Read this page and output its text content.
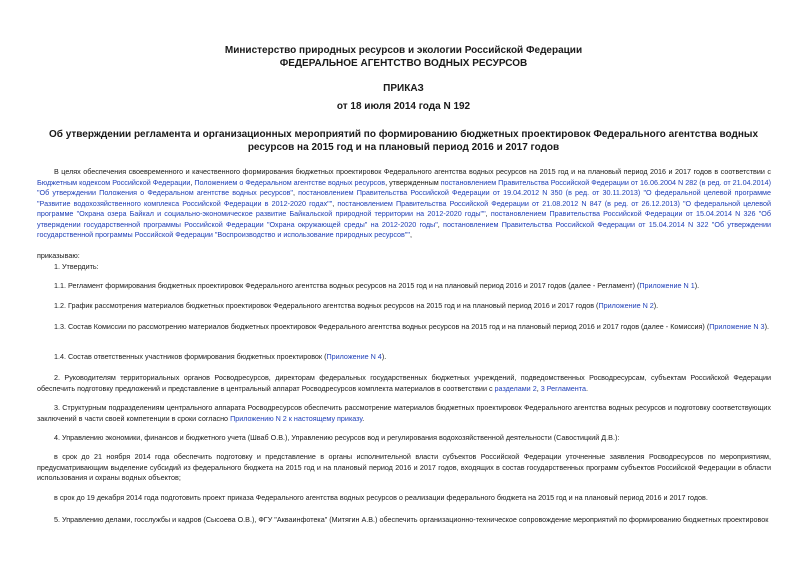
Министерство природных ресурсов и экологии Российской Федерации
ФЕДЕРАЛЬНОЕ АГЕНТСТВО ВОДНЫХ РЕСУРСОВ
ПРИКАЗ
от 18 июля 2014 года N 192
Об утверждении регламента и организационных мероприятий по формированию бюджетных проектировок Федерального агентства водных ресурсов на 2015 год и на плановый период 2016 и 2017 годов

В целях обеспечения своевременного и качественного формирования бюджетных проектировок Федерального агентства водных ресурсов на 2015 год и на плановый период 2016 и 2017 годов в соответствии с Бюджетным кодексом Российской Федерации, Положением о Федеральном агентстве водных ресурсов, утвержденным постановлением Правительства Российской Федерации от 16.06.2004 N 282 (в ред. от 21.04.2014) "Об утверждении Положения о Федеральном агентстве водных ресурсов", постановлением Правительства Российской Федерации от 19.04.2012 N 350 (в ред. от 30.11.2013) "О федеральной целевой программе "Развитие водохозяйственного комплекса Российской Федерации в 2012-2020 годах"", постановлением Правительства Российской Федерации от 21.08.2012 N 847 (в ред. от 26.12.2013) "О федеральной целевой программе "Охрана озера Байкал и социально-экономическое развитие Байкальской природной территории на 2012-2020 годы"", постановлением Правительства Российской Федерации от 15.04.2014 N 326 "Об утверждении государственной программы Российской Федерации "Охрана окружающей среды" на 2012-2020 годы", постановлением Правительства Российской Федерации от 15.04.2014 N 322 "Об утверждении государственной программы Российской Федерации "Воспроизводство и использование природных ресурсов"",

приказываю:

1. Утвердить:

1.1. Регламент формирования бюджетных проектировок Федерального агентства водных ресурсов на 2015 год и на плановый период 2016 и 2017 годов (далее - Регламент) (Приложение N 1).

1.2. График рассмотрения материалов бюджетных проектировок Федерального агентства водных ресурсов на 2015 год и на плановый период 2016 и 2017 годов (Приложение N 2).

1.3. Состав Комиссии по рассмотрению материалов бюджетных проектировок Федерального агентства водных ресурсов на 2015 год и на плановый период 2016 и 2017 годов (далее - Комиссия) (Приложение N 3).

1.4. Состав ответственных участников формирования бюджетных проектировок (Приложение N 4).

2. Руководителям территориальных органов Росводресурсов, директорам федеральных государственных бюджетных учреждений, подведомственных Росводресурсам, субъектам Российской Федерации обеспечить подготовку предложений и представление в центральный аппарат Росводресурсов комплекта материалов в соответствии с разделами 2, 3 Регламента.

3. Структурным подразделениям центрального аппарата Росводресурсов обеспечить рассмотрение материалов бюджетных проектировок Федерального агентства водных ресурсов и подготовку соответствующих заключений в части своей компетенции в сроки согласно Приложению N 2 к настоящему приказу.

4. Управлению экономики, финансов и бюджетного учета (Шваб О.В.), Управлению ресурсов вод и регулирования водохозяйственной деятельности (Савостицкий Д.В.):

в срок до 21 ноября 2014 года обеспечить подготовку и представление в органы исполнительной власти субъектов Российской Федерации уточненные заявления Росводресурсов по мероприятиям, предусматривающим выделение субсидий из федерального бюджета на 2015 год и на плановый период 2016 и 2017 годов, входящих в состав государственных программ субъектов Российской Федерации в области использования и охраны водных объектов;

в срок до 19 декабря 2014 года подготовить проект приказа Федерального агентства водных ресурсов о реализации федерального бюджета на 2015 год и на плановый период 2016 и 2017 годов.

5. Управлению делами, госслужбы и кадров (Сысоева О.В.), ФГУ "Акваинфотека" (Митягин А.В.) обеспечить организационно-техническое сопровождение мероприятий по формированию бюджетных проектировок
